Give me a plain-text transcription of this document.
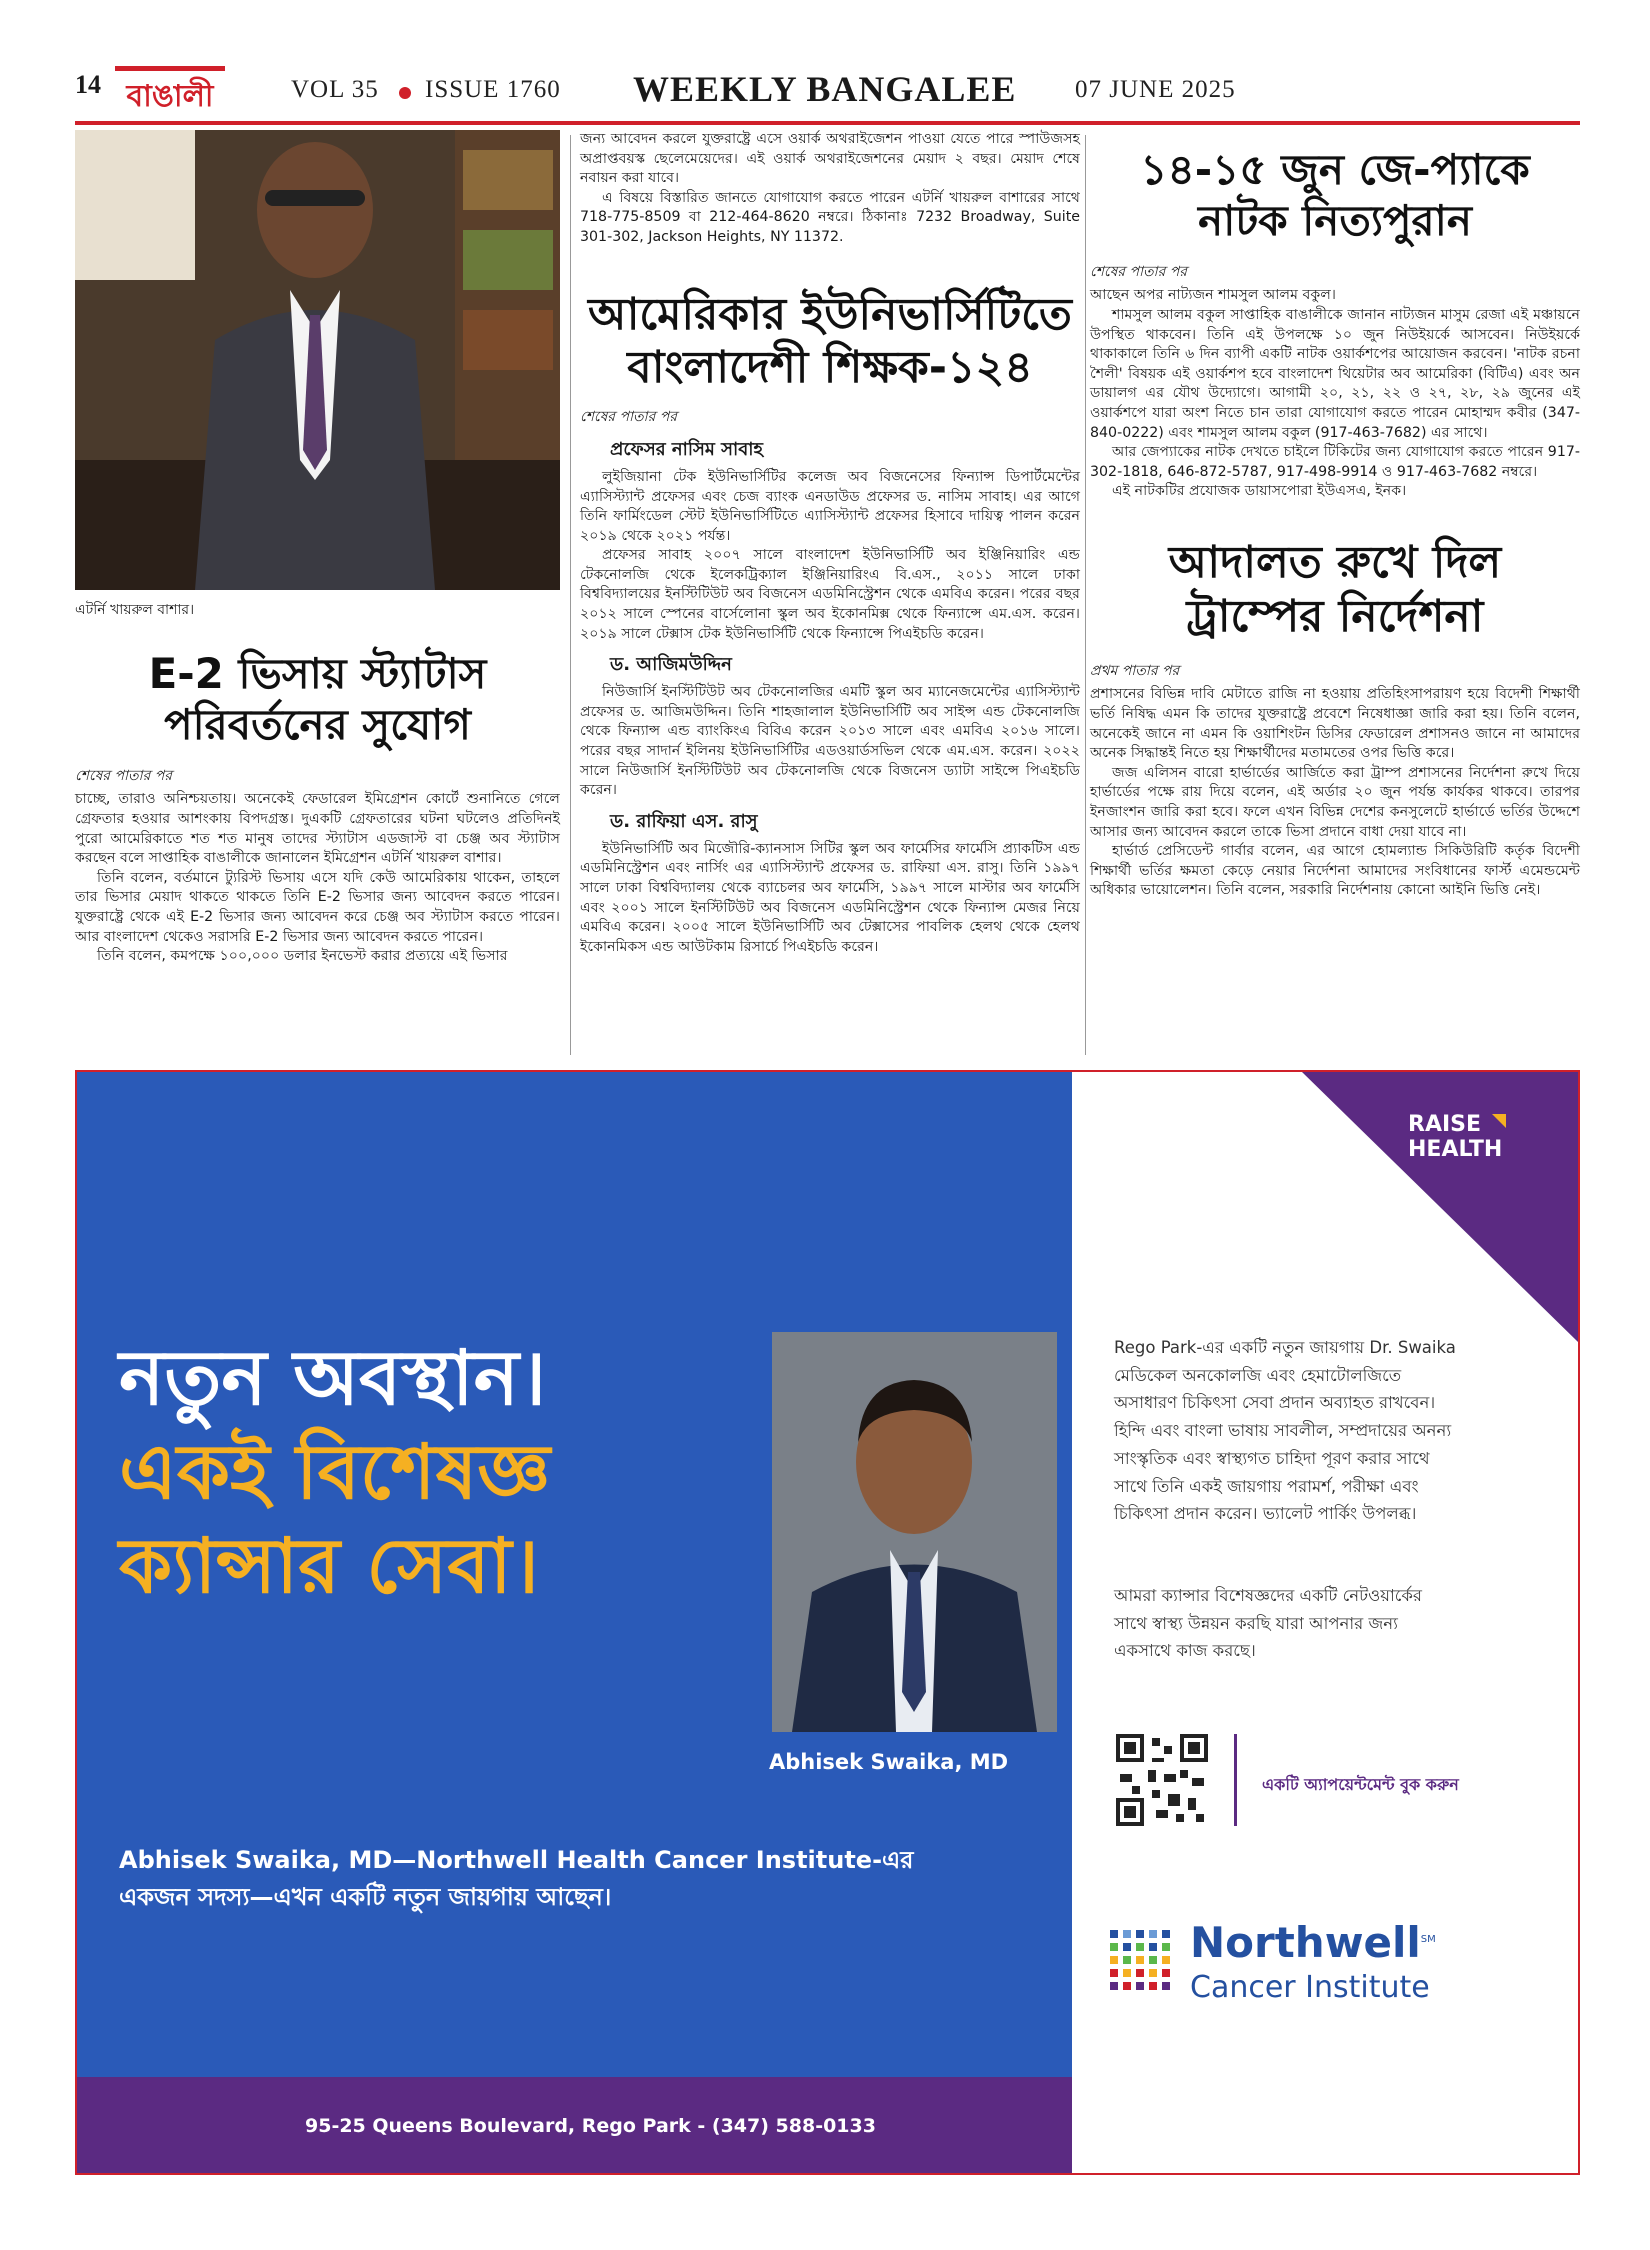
14 বাঙালী	VOL 35 ISSUE 1760 WEEKLY BANGALEE 07 JUNE 2025
এটর্নি খায়রুল বাশার।
E-2 ভিসায় স্ট্যাটাস
পরিবর্তনের সুযোগ
শেষের পাতার পর

চাচ্ছে, তারাও অনিশ্চয়তায়। অনেকেই ফেডারেল ইমিগ্রেশন কোর্টে শুনানিতে গেলে গ্রেফতার হওয়ার আশংকায় বিপদগ্রস্ত। দুএকটি গ্রেফতারের ঘটনা ঘটলেও প্রতিদিনই পুরো আমেরিকাতে শত শত মানুষ তাদের স্ট্যাটাস এডজাস্ট বা চেঞ্জ অব স্ট্যাটাস করছেন বলে সাপ্তাহিক বাঙালীকে জানালেন ইমিগ্রেশন এটর্নি খায়রুল বাশার।

তিনি বলেন, বর্তমানে ট্যুরিস্ট ভিসায় এসে যদি কেউ আমেরিকায় থাকেন, তাহলে তার ভিসার মেয়াদ থাকতে থাকতে তিনি E-2 ভিসার জন্য আবেদন করতে পারেন। যুক্তরাষ্ট্রে থেকে এই E-2 ভিসার জন্য আবেদন করে চেঞ্জ অব স্ট্যাটাস করতে পারেন। আর বাংলাদেশ থেকেও সরাসরি E-2 ভিসার জন্য আবেদন করতে পারেন।

তিনি বলেন, কমপক্ষে ১০০,০০০ ডলার ইনভেস্ট করার প্রত্যয়ে এই ভিসার

জন্য আবেদন করলে যুক্তরাষ্ট্রে এসে ওয়ার্ক অথরাইজেশন পাওয়া যেতে পারে স্পাউজসহ অপ্রাপ্তবয়স্ক ছেলেমেয়েদের। এই ওয়ার্ক অথরাইজেশনের মেয়াদ ২ বছর। মেয়াদ শেষে নবায়ন করা যাবে।

এ বিষয়ে বিস্তারিত জানতে যোগাযোগ করতে পারেন এটর্নি খায়রুল বাশারের সাথে 718-775-8509 বা 212-464-8620 নম্বরে। ঠিকানাঃ 7232 Broadway, Suite 301-302, Jackson Heights, NY 11372.

আমেরিকার ইউনিভার্সিটিতে
বাংলাদেশী শিক্ষক-১২৪
শেষের পাতার পর
প্রফেসর নাসিম সাবাহ

লুইজিয়ানা টেক ইউনিভার্সিটির কলেজ অব বিজনেসের ফিন্যান্স ডিপার্টমেন্টের এ্যাসিস্ট্যান্ট প্রফেসর এবং চেজ ব্যাংক এনডাউড প্রফেসর ড. নাসিম সাবাহ। এর আগে তিনি ফার্মিংডেল স্টেট ইউনিভার্সিটিতে এ্যাসিস্ট্যান্ট প্রফেসর হিসাবে দায়িত্ব পালন করেন ২০১৯ থেকে ২০২১ পর্যন্ত।

প্রফেসর সাবাহ ২০০৭ সালে বাংলাদেশ ইউনিভার্সিটি অব ইঞ্জিনিয়ারিং এন্ড টেকনোলজি থেকে ইলেকট্রিক্যাল ইঞ্জিনিয়ারিংএ বি.এস., ২০১১ সালে ঢাকা বিশ্ববিদ্যালয়ের ইনস্টিটিউট অব বিজনেস এডমিনিস্ট্রেশন থেকে এমবিএ করেন। পরের বছর ২০১২ সালে স্পেনের বার্সেলোনা স্কুল অব ইকোনমিক্স থেকে ফিন্যান্সে এম.এস. করেন। ২০১৯ সালে টেক্সাস টেক ইউনিভার্সিটি থেকে ফিন্যান্সে পিএইচডি করেন।

ড. আজিমউদ্দিন

নিউজার্সি ইনস্টিটিউট অব টেকনোলজির এমটি স্কুল অব ম্যানেজমেন্টের এ্যাসিস্ট্যান্ট প্রফেসর ড. আজিমউদ্দিন। তিনি শাহজালাল ইউনিভার্সিটি অব সাইন্স এন্ড টেকনোলজি থেকে ফিন্যান্স এন্ড ব্যাংকিংএ বিবিএ করেন ২০১৩ সালে এবং এমবিএ ২০১৬ সালে। পরের বছর সাদার্ন ইলিনয় ইউনিভার্সিটির এডওয়ার্ডসভিল থেকে এম.এস. করেন। ২০২২ সালে নিউজার্সি ইনস্টিটিউট অব টেকনোলজি থেকে বিজনেস ড্যাটা সাইন্সে পিএইচডি করেন।

ড. রাফিয়া এস. রাসু

ইউনিভার্সিটি অব মিজৌরি-ক্যানসাস সিটির স্কুল অব ফার্মেসির ফার্মেসি প্র্যাকটিস এন্ড এডমিনিস্ট্রেশন এবং নার্সিং এর এ্যাসিস্ট্যান্ট প্রফেসর ড. রাফিয়া এস. রাসু। তিনি ১৯৯৭ সালে ঢাকা বিশ্ববিদ্যালয় থেকে ব্যাচেলর অব ফার্মেসি, ১৯৯৭ সালে মাস্টার অব ফার্মেসি এবং ২০০১ সালে ইনস্টিটিউট অব বিজনেস এডমিনিস্ট্রেশন থেকে ফিন্যান্স মেজর নিয়ে এমবিএ করেন। ২০০৫ সালে ইউনিভার্সিটি অব টেক্সাসের পাবলিক হেলথ থেকে হেলথ ইকোনমিকস এন্ড আউটকাম রিসার্চে পিএইচডি করেন।

১৪-১৫ জুন জে-প্যাকে
নাটক নিত্যপুরান
শেষের পাতার পর

আছেন অপর নাট্যজন শামসুল আলম বকুল।

শামসুল আলম বকুল সাপ্তাহিক বাঙালীকে জানান নাট্যজন মাসুম রেজা এই মঞ্চায়নে উপস্থিত থাকবেন। তিনি এই উপলক্ষে ১০ জুন নিউইয়র্কে আসবেন। নিউইয়র্কে থাকাকালে তিনি ৬ দিন ব্যাপী একটি নাটক ওয়ার্কশপের আয়োজন করবেন। 'নাটক রচনা শৈলী' বিষয়ক এই ওয়ার্কশপ হবে বাংলাদেশ থিয়েটার অব আমেরিকা (বিটিএ) এবং অন ডায়ালগ এর যৌথ উদ্যোগে। আগামী ২০, ২১, ২২ ও ২৭, ২৮, ২৯ জুনের এই ওয়ার্কশপে যারা অংশ নিতে চান তারা যোগাযোগ করতে পারেন মোহাম্মদ কবীর (347-840-0222) এবং শামসুল আলম বকুল (917-463-7682) এর সাথে।

আর জেপ্যাকের নাটক দেখতে চাইলে টিকিটের জন্য যোগাযোগ করতে পারেন 917-302-1818, 646-872-5787, 917-498-9914 ও 917-463-7682 নম্বরে।

এই নাটকটির প্রযোজক ডায়াসপোরা ইউএসএ, ইনক।

আদালত রুখে দিল
ট্রাম্পের নির্দেশনা
প্রথম পাতার পর

প্রশাসনের বিভিন্ন দাবি মেটাতে রাজি না হওয়ায় প্রতিহিংসাপরায়ণ হয়ে বিদেশী শিক্ষার্থী ভর্তি নিষিদ্ধ এমন কি তাদের যুক্তরাষ্ট্রে প্রবেশে নিষেধাজ্ঞা জারি করা হয়। তিনি বলেন, অনেকেই জানে না এমন কি ওয়াশিংটন ডিসির ফেডারেল প্রশাসনও জানে না আমাদের অনেক সিদ্ধান্তই নিতে হয় শিক্ষার্থীদের মতামতের ওপর ভিত্তি করে।

জজ এলিসন বারো হার্ভার্ডের আর্জিতে করা ট্রাম্প প্রশাসনের নির্দেশনা রুখে দিয়ে হার্ভার্ডের পক্ষে রায় দিয়ে বলেন, এই অর্ডার ২০ জুন পর্যন্ত কার্যকর থাকবে। তারপর ইনজাংশন জারি করা হবে। ফলে এখন বিভিন্ন দেশের কনসুলেটে হার্ভার্ডে ভর্তির উদ্দেশে আসার জন্য আবেদন করলে তাকে ভিসা প্রদানে বাধা দেয়া যাবে না।

হার্ভার্ড প্রেসিডেন্ট গার্বার বলেন, এর আগে হোমল্যান্ড সিকিউরিটি কর্তৃক বিদেশী শিক্ষার্থী ভর্তির ক্ষমতা কেড়ে নেয়ার নির্দেশনা আমাদের সংবিধানের ফার্স্ট এমেন্ডমেন্ট অধিকার ভায়োলেশন। তিনি বলেন, সরকারি নির্দেশনায় কোনো আইনি ভিত্তি নেই।

নতুন অবস্থান।
একই বিশেষজ্ঞ
ক্যান্সার সেবা।
Abhisek Swaika, MD
Abhisek Swaika, MD—Northwell Health Cancer Institute-এর
একজন সদস্য—এখন একটি নতুন জায়গায় আছেন।
95-25 Queens Boulevard, Rego Park - (347) 588-0133
RAISE
HEALTH
Rego Park-এর একটি নতুন জায়গায় Dr. Swaika
মেডিকেল অনকোলজি এবং হেমাটোলজিতে
অসাধারণ চিকিৎসা সেবা প্রদান অব্যাহত রাখবেন।
হিন্দি এবং বাংলা ভাষায় সাবলীল, সম্প্রদায়ের অনন্য
সাংস্কৃতিক এবং স্বাস্থ্যগত চাহিদা পূরণ করার সাথে
সাথে তিনি একই জায়গায় পরামর্শ, পরীক্ষা এবং
চিকিৎসা প্রদান করেন। ভ্যালেট পার্কিং উপলব্ধ।
আমরা ক্যান্সার বিশেষজ্ঞদের একটি নেটওয়ার্কের
সাথে স্বাস্থ্য উন্নয়ন করছি যারা আপনার জন্য
একসাথে কাজ করছে।
একটি অ্যাপয়েন্টমেন্ট বুক করুন
Northwell℠
Cancer Institute
